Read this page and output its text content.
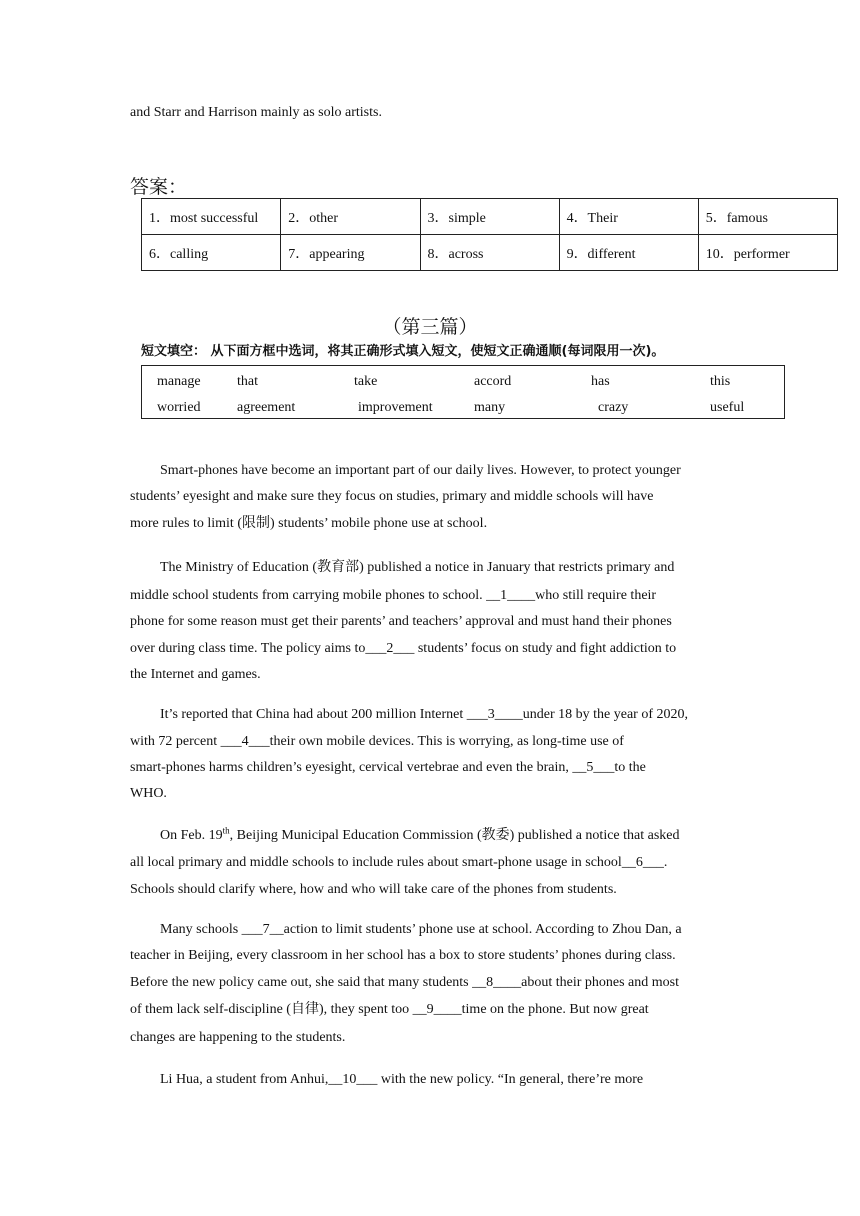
and Starr and Harrison mainly as solo artists.
答案：
1．most successful	2．other	3．simple	4．Their	5．famous
6．calling	7．appearing	8．across	9．different	10．performer
（第三篇）
短文填空： 从下面方框中选词，将其正确形式填入短文，使短文正确通顺(每词限用一次)。
manage	that	take	accord	has	this
worried	agreement	improvement	many	crazy	useful
Smart-phones have become an important part of our daily lives. However, to protect younger
students’ eyesight and make sure they focus on studies, primary and middle schools will have
more rules to limit (限制) students’ mobile phone use at school.
The Ministry of Education (教育部) published a notice in January that restricts primary and
middle school students from carrying mobile phones to school. __1____who still require their
phone for some reason must get their parents’ and teachers’ approval and must hand their phones
over during class time. The policy aims to___2___ students’ focus on study and fight addiction to
the Internet and games.
It’s reported that China had about 200 million Internet ___3____under 18 by the year of 2020,
with 72 percent ___4___their own mobile devices. This is worrying, as long-time use of
smart-phones harms children’s eyesight, cervical vertebrae and even the brain, __5___to the
WHO.
On Feb. 19th, Beijing Municipal Education Commission (教委) published a notice that asked
all local primary and middle schools to include rules about smart-phone usage in school__6___.
Schools should clarify where, how and who will take care of the phones from students.
Many schools ___7__action to limit students’ phone use at school. According to Zhou Dan, a
teacher in Beijing, every classroom in her school has a box to store students’ phones during class.
Before the new policy came out, she said that many students __8____about their phones and most
of them lack self-discipline (自律), they spent too __9____time on the phone. But now great
changes are happening to the students.
Li Hua, a student from Anhui,__10___ with the new policy. “In general, there’re more
